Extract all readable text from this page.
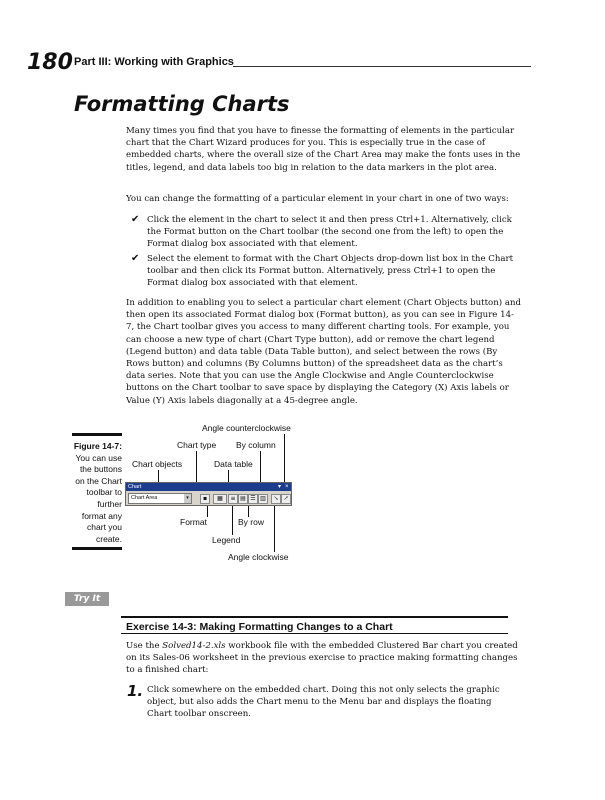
180 Part III: Working with Graphics
Formatting Charts
Many times you find that you have to finesse the formatting of elements in the particular chart that the Chart Wizard produces for you. This is especially true in the case of embedded charts, where the overall size of the Chart Area may make the fonts uses in the titles, legend, and data labels too big in relation to the data markers in the plot area.
You can change the formatting of a particular element in your chart in one of two ways:
✔ Click the element in the chart to select it and then press Ctrl+1. Alternatively, click the Format button on the Chart toolbar (the second one from the left) to open the Format dialog box associated with that element.
✔ Select the element to format with the Chart Objects drop-down list box in the Chart toolbar and then click its Format button. Alternatively, press Ctrl+1 to open the Format dialog box associated with that element.
In addition to enabling you to select a particular chart element (Chart Objects button) and then open its associated Format dialog box (Format button), as you can see in Figure 14-7, the Chart toolbar gives you access to many different charting tools. For example, you can choose a new type of chart (Chart Type button), add or remove the chart legend (Legend button) and data table (Data Table button), and select between the rows (By Rows button) and columns (By Columns button) of the spreadsheet data as the chart’s data series. Note that you can use the Angle Clockwise and Angle Counterclockwise buttons on the Chart toolbar to save space by displaying the Category (X) Axis labels or Value (Y) Axis labels diagonally at a 45-degree angle.
Figure 14-7: You can use the buttons on the Chart toolbar to further format any chart you create.
Angle counterclockwise
Chart type By column
Chart objects	Data table
Format	By row
Legend
Angle clockwise
Chart	▾ ×
Chart Area	▾	▪	▦	≡ ▤ ☰ ▥	↘ ↗
Try It
Exercise 14-3: Making Formatting Changes to a Chart
Use the Solved14-2.xls workbook file with the embedded Clustered Bar chart you created on its Sales-06 worksheet in the previous exercise to practice making formatting changes to a finished chart:
1. Click somewhere on the embedded chart. Doing this not only selects the graphic object, but also adds the Chart menu to the Menu bar and displays the floating Chart toolbar onscreen.
